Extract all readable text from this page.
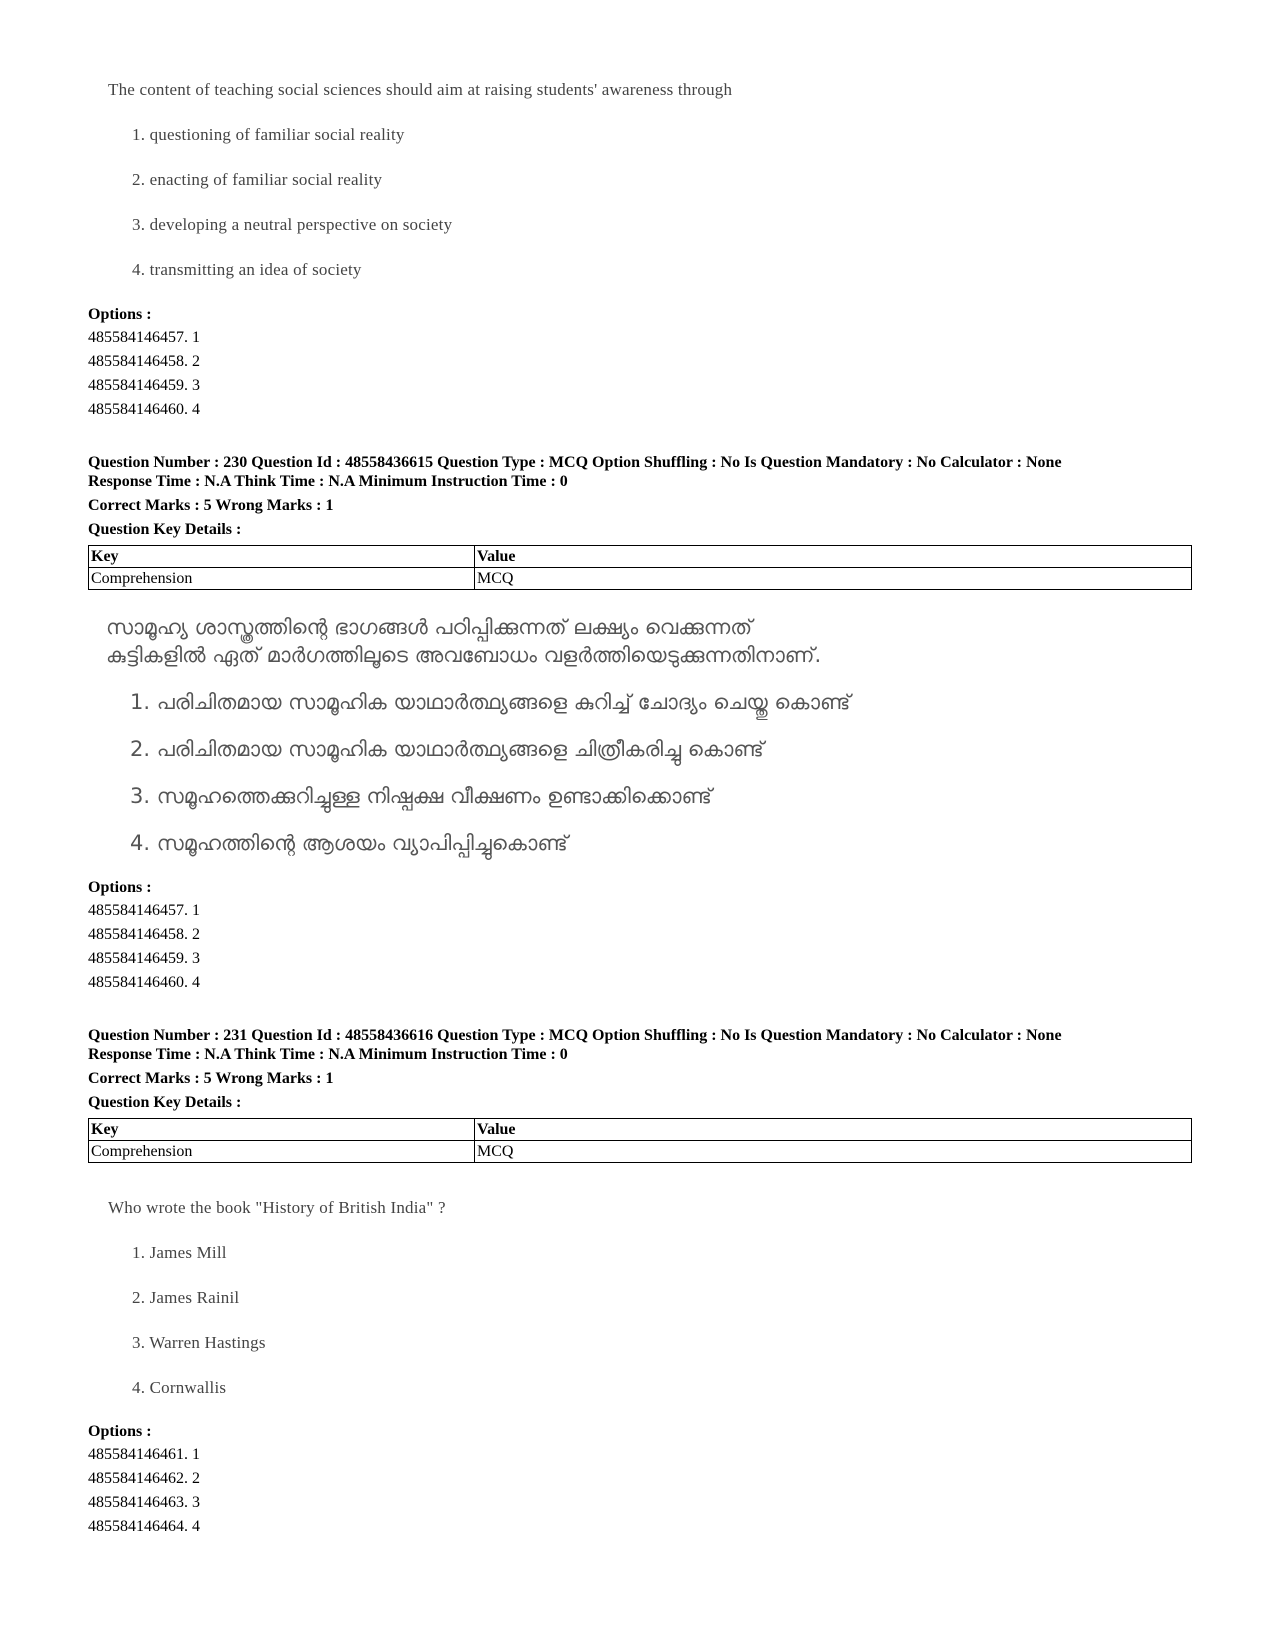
The content of teaching social sciences should aim at raising students' awareness through
1. questioning of familiar social reality
2. enacting of familiar social reality
3. developing a neutral perspective on society
4. transmitting an idea of society
Options :
485584146457. 1
485584146458. 2
485584146459. 3
485584146460. 4
Question Number : 230 Question Id : 48558436615 Question Type : MCQ Option Shuffling : No Is Question Mandatory : No Calculator : None
Response Time : N.A Think Time : N.A Minimum Instruction Time : 0
Correct Marks : 5 Wrong Marks : 1
Question Key Details :
Key	Value
Comprehension	MCQ
സാമൂഹ്യ ശാസ്ത്രത്തിന്റെ ഭാഗങ്ങൾ പഠിപ്പിക്കുന്നത് ലക്ഷ്യം വെക്കുന്നത്
കുട്ടികളിൽ ഏത് മാർഗത്തിലൂടെ അവബോധം വളർത്തിയെടുക്കുന്നതിനാണ്.
1. പരിചിതമായ സാമൂഹിക യാഥാർത്ഥ്യങ്ങളെ കുറിച്ച് ചോദ്യം ചെയ്തു കൊണ്ട്
2. പരിചിതമായ സാമൂഹിക യാഥാർത്ഥ്യങ്ങളെ ചിത്രീകരിച്ചു കൊണ്ട്
3. സമൂഹത്തെക്കുറിച്ചുള്ള നിഷ്പക്ഷ വീക്ഷണം ഉണ്ടാക്കിക്കൊണ്ട്
4. സമൂഹത്തിന്റെ ആശയം വ്യാപിപ്പിച്ചുകൊണ്ട്
Options :
485584146457. 1
485584146458. 2
485584146459. 3
485584146460. 4
Question Number : 231 Question Id : 48558436616 Question Type : MCQ Option Shuffling : No Is Question Mandatory : No Calculator : None
Response Time : N.A Think Time : N.A Minimum Instruction Time : 0
Correct Marks : 5 Wrong Marks : 1
Question Key Details :
Key	Value
Comprehension	MCQ
Who wrote the book "History of British India" ?
1. James Mill
2. James Rainil
3. Warren Hastings
4. Cornwallis
Options :
485584146461. 1
485584146462. 2
485584146463. 3
485584146464. 4
